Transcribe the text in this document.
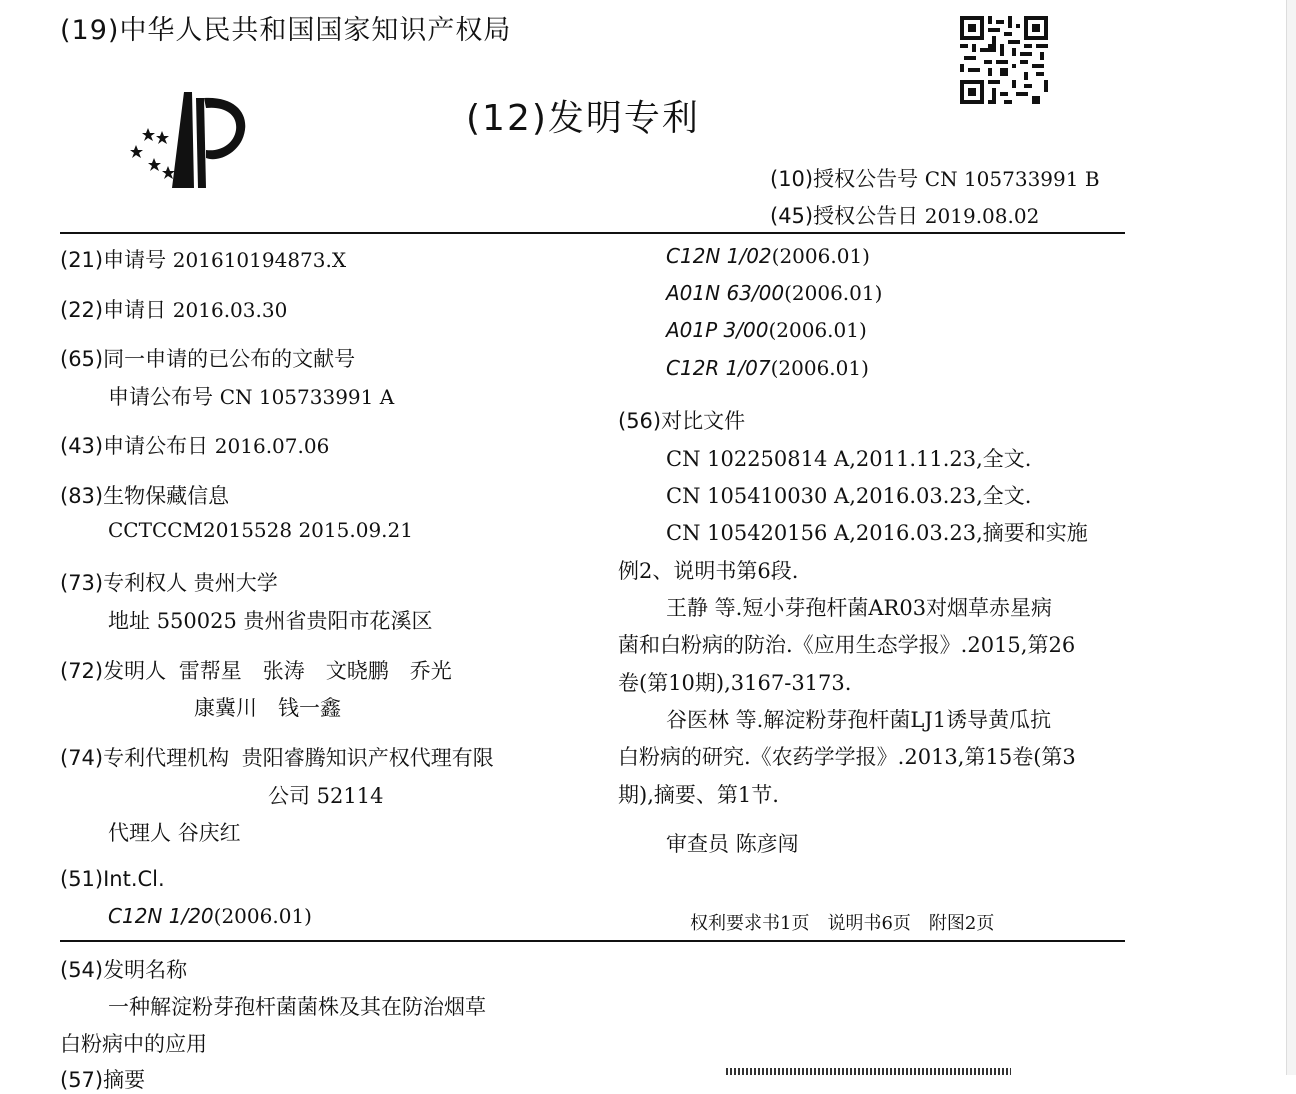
(19)中华人民共和国国家知识产权局
(12)发明专利
(10)授权公告号 CN 105733991 B
(45)授权公告日 2019.08.02
(21)申请号 201610194873.X
(22)申请日 2016.03.30
(65)同一申请的已公布的文献号
申请公布号 CN 105733991 A
(43)申请公布日 2016.07.06
(83)生物保藏信息
CCTCCM2015528 2015.09.21
(73)专利权人 贵州大学
地址 550025 贵州省贵阳市花溪区
(72)发明人 雷帮星　张涛　文晓鹏　乔光
康冀川　钱一鑫
(74)专利代理机构 贵阳睿腾知识产权代理有限
公司 52114
代理人 谷庆红
(51)Int.Cl.
C12N 1/20(2006.01)
C12N 1/02(2006.01)
A01N 63/00(2006.01)
A01P 3/00(2006.01)
C12R 1/07(2006.01)
(56)对比文件
CN 102250814 A,2011.11.23,全文.
CN 105410030 A,2016.03.23,全文.
CN 105420156 A,2016.03.23,摘要和实施
例2、说明书第6段.
王静 等.短小芽孢杆菌AR03对烟草赤星病
菌和白粉病的防治.《应用生态学报》.2015,第26
卷(第10期),3167-3173.
谷医林 等.解淀粉芽孢杆菌LJ1诱导黄瓜抗
白粉病的研究.《农药学学报》.2013,第15卷(第3
期),摘要、第1节.
审查员 陈彦闯
权利要求书1页　说明书6页　附图2页
(54)发明名称
一种解淀粉芽孢杆菌菌株及其在防治烟草
白粉病中的应用
(57)摘要
